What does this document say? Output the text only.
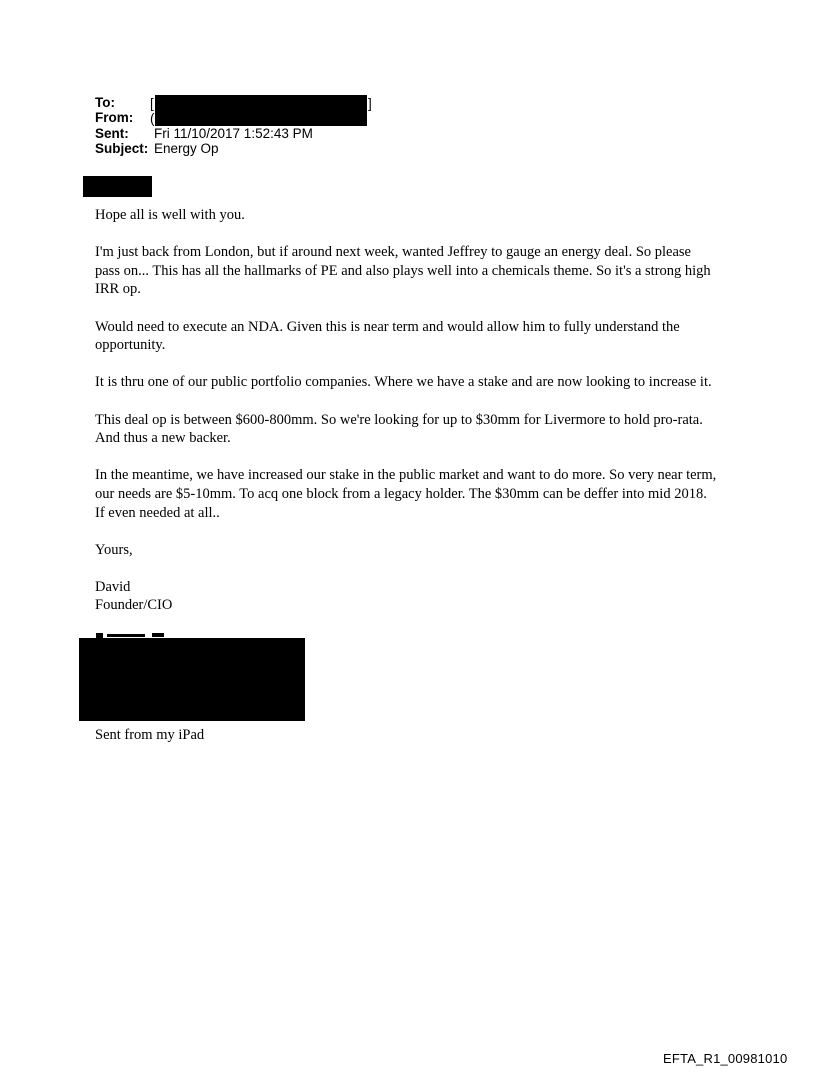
To:
From:
Sent:	Fri 11/10/2017 1:52:43 PM
Subject: Energy Op
[	]
(

Hope all is well with you.

I'm just back from London, but if around next week, wanted Jeffrey to gauge an energy deal. So please pass on... This has all the hallmarks of PE and also plays well into a chemicals theme. So it's a strong high IRR op.

Would need to execute an NDA. Given this is near term and would allow him to fully understand the opportunity.

It is thru one of our public portfolio companies. Where we have a stake and are now looking to increase it.

This deal op is between $600-800mm. So we're looking for up to $30mm for Livermore to hold pro-rata.  And thus a new backer.

In the meantime, we have increased our stake in the public market and want to do more. So very near term, our needs are $5-10mm. To acq one block from a legacy holder. The $30mm can be deffer into mid 2018. If even needed at all..

Yours,

David
Founder/CIO
Sent from my iPad
EFTA_R1_00981010
